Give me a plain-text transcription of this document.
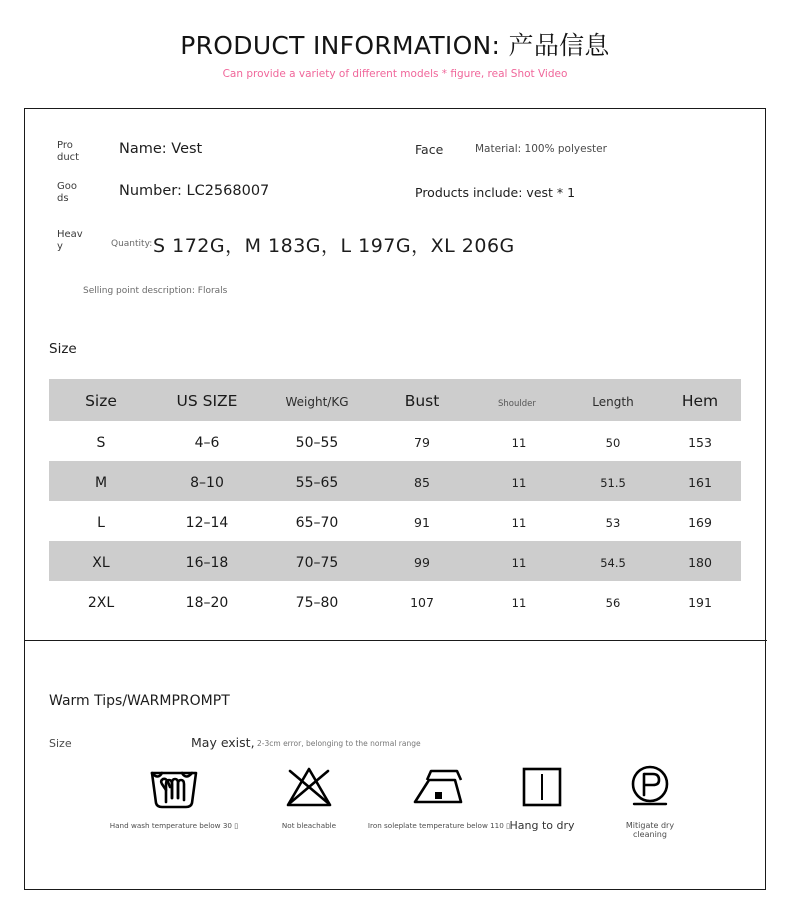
PRODUCT INFORMATION: 产品信息
Can provide a variety of different models * figure, real Shot Video
Pro
duct	Name: Vest	Face	Material: 100% polyester
Goo
ds	Number: LC2568007	Products include: vest * 1
Heav
y	S 172G，M 183G，L 197G，XL 206G
Quantity:
Selling point description: Florals
Size
Size	US SIZE	Weight/KG	Bust	Shoulder	Length	Hem
S	4–6	50–55	79	11	50	153
M	8–10	55–65	85	11	51.5	161
L	12–14	65–70	91	11	53	169
XL	16–18	70–75	99	11	54.5	180
2XL	18–20	75–80	107	11	56	191
Warm Tips/WARMPROMPT
Size	May exist, 2-3cm error, belonging to the normal range
Hand wash temperature below 30 ▯	Not bleachable	Iron soleplate temperature below 110 ▯ Hang to dry	Mitigate dry
cleaning
